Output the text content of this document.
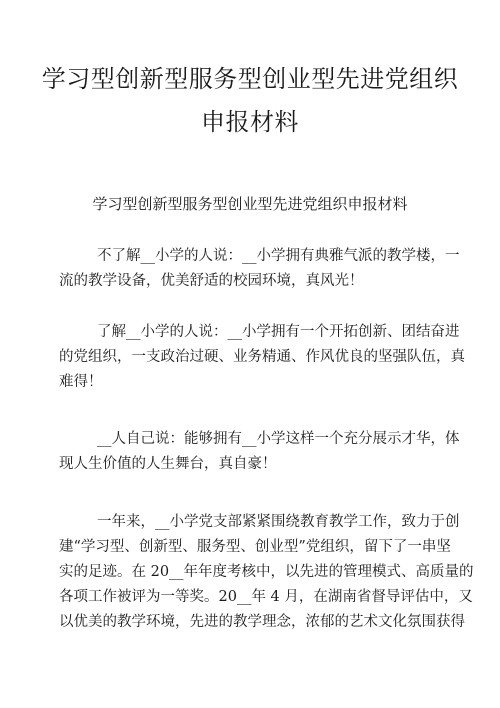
学习型创新型服务型创业型先进党组织
申报材料

学习型创新型服务型创业型先进党组织申报材料

不了解__小学的人说：__小学拥有典雅气派的教学楼，一
流的教学设备，优美舒适的校园环境，真风光！

了解__小学的人说：__小学拥有一个开拓创新、团结奋进
的党组织，一支政治过硬、业务精通、作风优良的坚强队伍，真
难得！

__人自己说：能够拥有__小学这样一个充分展示才华，体
现人生价值的人生舞台，真自豪！

一年来，__小学党支部紧紧围绕教育教学工作，致力于创
建“学习型、创新型、服务型、创业型”党组织，留下了一串坚
实的足迹。在 20__年年度考核中，以先进的管理模式、高质量的
各项工作被评为一等奖。20__年 4 月，在湖南省督导评估中，又
以优美的教学环境，先进的教学理念，浓郁的艺术文化氛围获得
